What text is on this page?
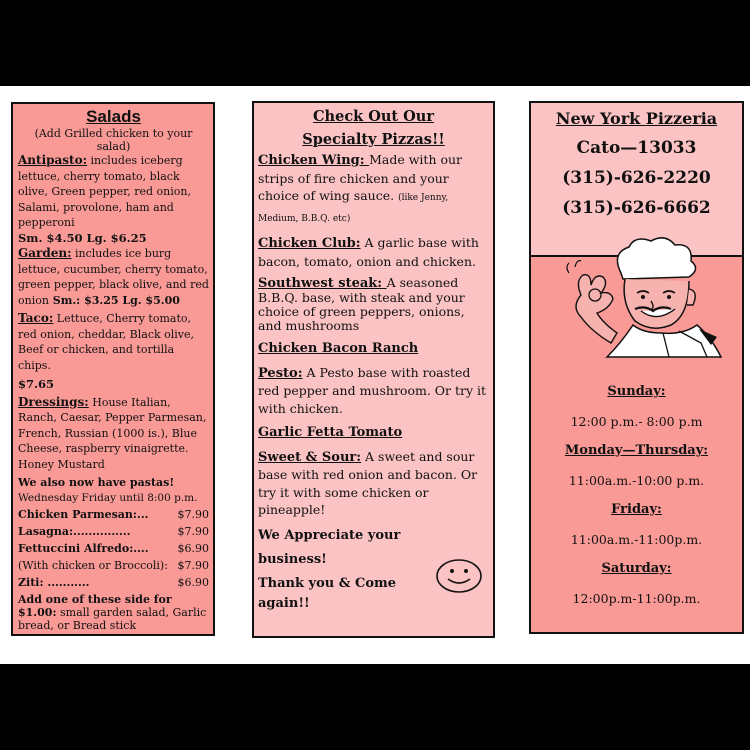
Salads
(Add Grilled chicken to your salad)
Antipasto: includes iceberg lettuce, cherry tomato, black olive, Green pepper, red onion, Salami, provolone, ham and pepperoni
Sm. $4.50 Lg. $6.25
Garden: includes ice burg lettuce, cucumber, cherry tomato, green pepper, black olive, and red onion Sm.: $3.25 Lg. $5.00
Taco: Lettuce, Cherry tomato, red onion, cheddar, Black olive, Beef or chicken, and tortilla chips.
$7.65
Dressings: House Italian, Ranch, Caesar, Pepper Parmesan, French, Russian (1000 is.), Blue Cheese, raspberry vinaigrette. Honey Mustard
We also now have pastas!
Wednesday Friday until 8:00 p.m.
Chicken Parmesan:...	$7.90
Lasagna:...............	$7.90
Fettuccini Alfredo:....	$6.90
(With chicken or Broccoli): $7.90
Ziti: ...........	$6.90
Add one of these side for $1.00: small garden salad, Garlic bread, or Bread stick
Check Out Our
Specialty Pizzas!!
Chicken Wing: Made with our strips of fire chicken and your choice of wing sauce. (like Jenny, Medium, B.B.Q. etc)
Chicken Club: A garlic base with bacon, tomato, onion and chicken.
Southwest steak: A seasoned B.B.Q. base, with steak and your choice of green peppers, onions, and mushrooms
Chicken Bacon Ranch
Pesto: A Pesto base with roasted red pepper and mushroom. Or try it with chicken.
Garlic Fetta Tomato
Sweet & Sour: A sweet and sour base with red onion and bacon. Or try it with some chicken or pineapple!
We Appreciate your
business!
Thank you & Come
again!!
New York Pizzeria
Cato—13033
(315)-626-2220
(315)-626-6662
Sunday:
12:00 p.m.- 8:00 p.m
Monday—Thursday:
11:00a.m.-10:00 p.m.
Friday:
11:00a.m.-11:00p.m.
Saturday:
12:00p.m-11:00p.m.
